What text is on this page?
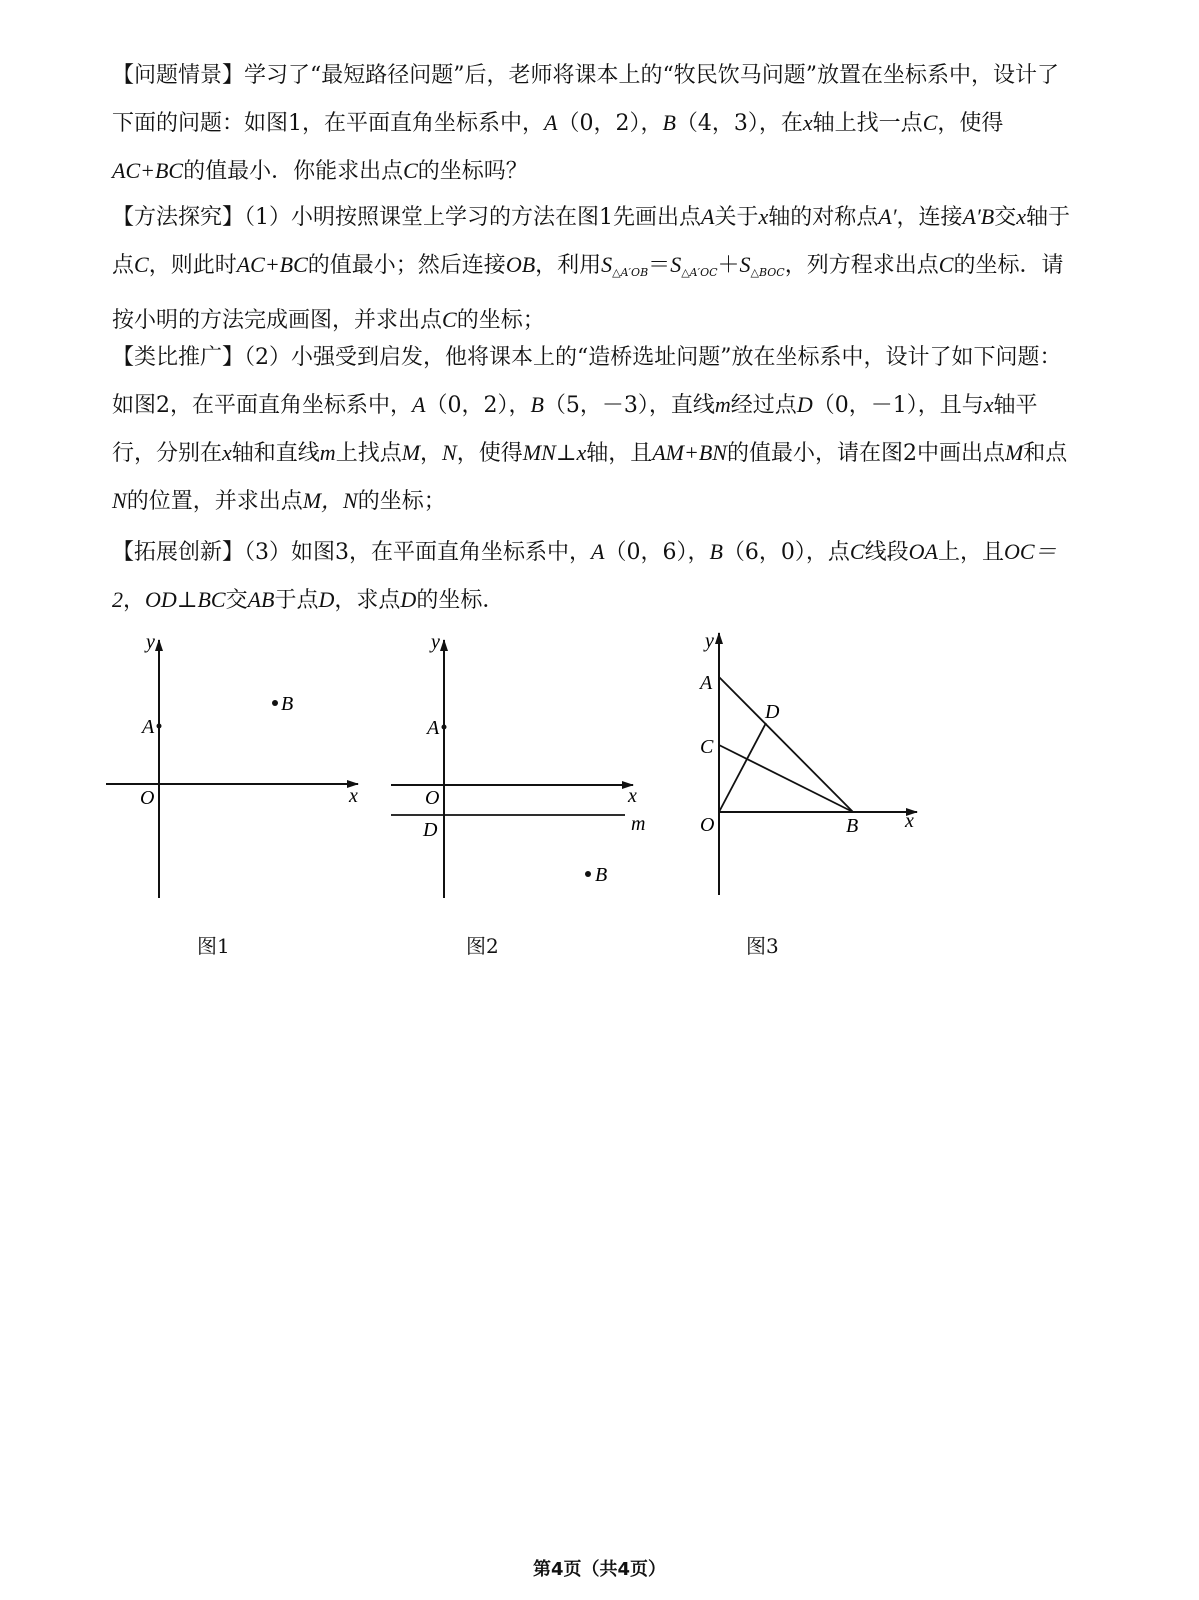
【问题情景】学习了“最短路径问题”后，老师将课本上的“牧民饮马问题”放置在坐标系中，设计了下面的问题：如图1，在平面直角坐标系中，A（0，2），B（4，3），在x轴上找一点C，使得AC+BC的值最小．你能求出点C的坐标吗？
【方法探究】（1）小明按照课堂上学习的方法在图1先画出点A关于x轴的对称点A′，连接A′B交x轴于点C，则此时AC+BC的值最小；然后连接OB，利用$S_{\triangle A'OB}=S_{\triangle A'OC}+S_{\triangle BOC}$，列方程求出点C的坐标．请按小明的方法完成画图，并求出点C的坐标；
【类比推广】（2）小强受到启发，他将课本上的“造桥选址问题”放在坐标系中，设计了如下问题：如图2，在平面直角坐标系中，A（0，2），B（5，－3），直线m经过点D（0，－1），且与x轴平行，分别在x轴和直线m上找点M，N，使得MN⊥x轴，且AM+BN的值最小，请在图2中画出点M和点N的位置，并求出点M，N的坐标；
【拓展创新】（3）如图3，在平面直角坐标系中，A（0，6），B（6，0），点C线段OA上，且OC＝2，OD⊥BC交AB于点D，求点D的坐标．
x
y
O
A
B
图1
x
m
y
O
D
A
B
图2
x
y
O
A
C
D
B
图3
第4页（共4页）
